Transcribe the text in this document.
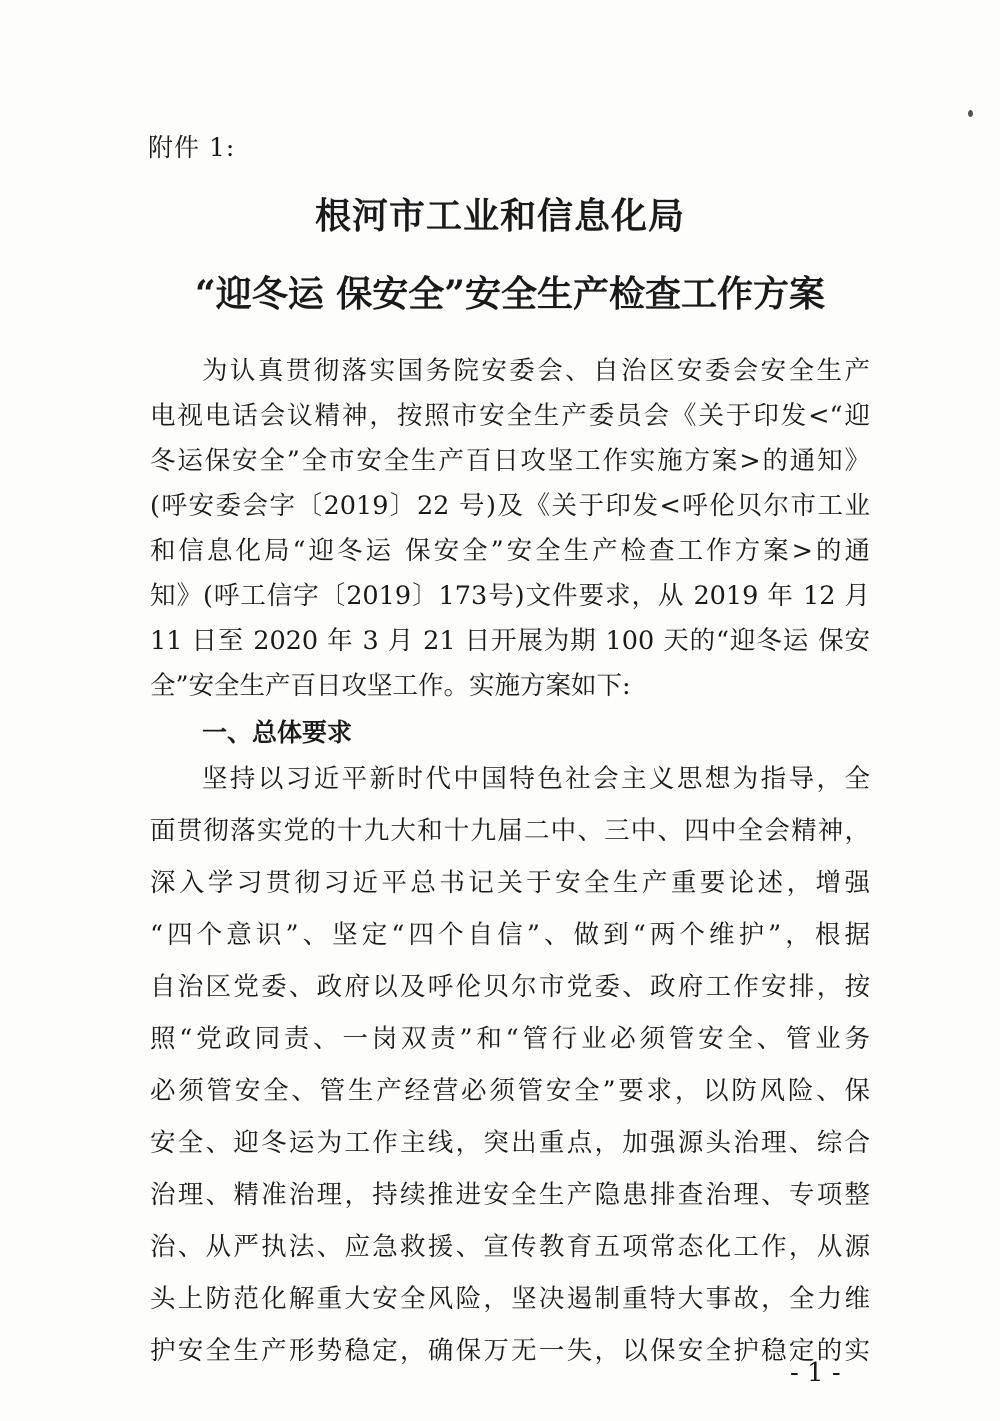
附件 1:
根河市工业和信息化局
“迎冬运 保安全”安全生产检查工作方案
为认真贯彻落实国务院安委会、自治区安委会安全生产
电视电话会议精神，按照市安全生产委员会《关于印发<“迎
冬运保安全”全市安全生产百日攻坚工作实施方案>的通知》
(呼安委会字〔2019〕22 号)及《关于印发<呼伦贝尔市工业
和信息化局“迎冬运 保安全”安全生产检查工作方案>的通
知》(呼工信字〔2019〕173号)文件要求，从 2019 年 12 月
11 日至 2020 年 3 月 21 日开展为期 100 天的“迎冬运 保安
一、总体要求
坚持以习近平新时代中国特色社会主义思想为指导，全
面贯彻落实党的十九大和十九届二中、三中、四中全会精神，
深入学习贯彻习近平总书记关于安全生产重要论述，增强
“四个意识”、坚定“四个自信”、做到“两个维护”，根据
自治区党委、政府以及呼伦贝尔市党委、政府工作安排，按
照“党政同责、一岗双责”和“管行业必须管安全、管业务
必须管安全、管生产经营必须管安全”要求，以防风险、保
安全、迎冬运为工作主线，突出重点，加强源头治理、综合
治理、精准治理，持续推进安全生产隐患排查治理、专项整
治、从严执法、应急救援、宣传教育五项常态化工作，从源
头上防范化解重大安全风险，坚决遏制重特大事故，全力维
护安全生产形势稳定，确保万无一失，以保安全护稳定的实
- 1 -
全”安全生产百日攻坚工作。实施方案如下:
